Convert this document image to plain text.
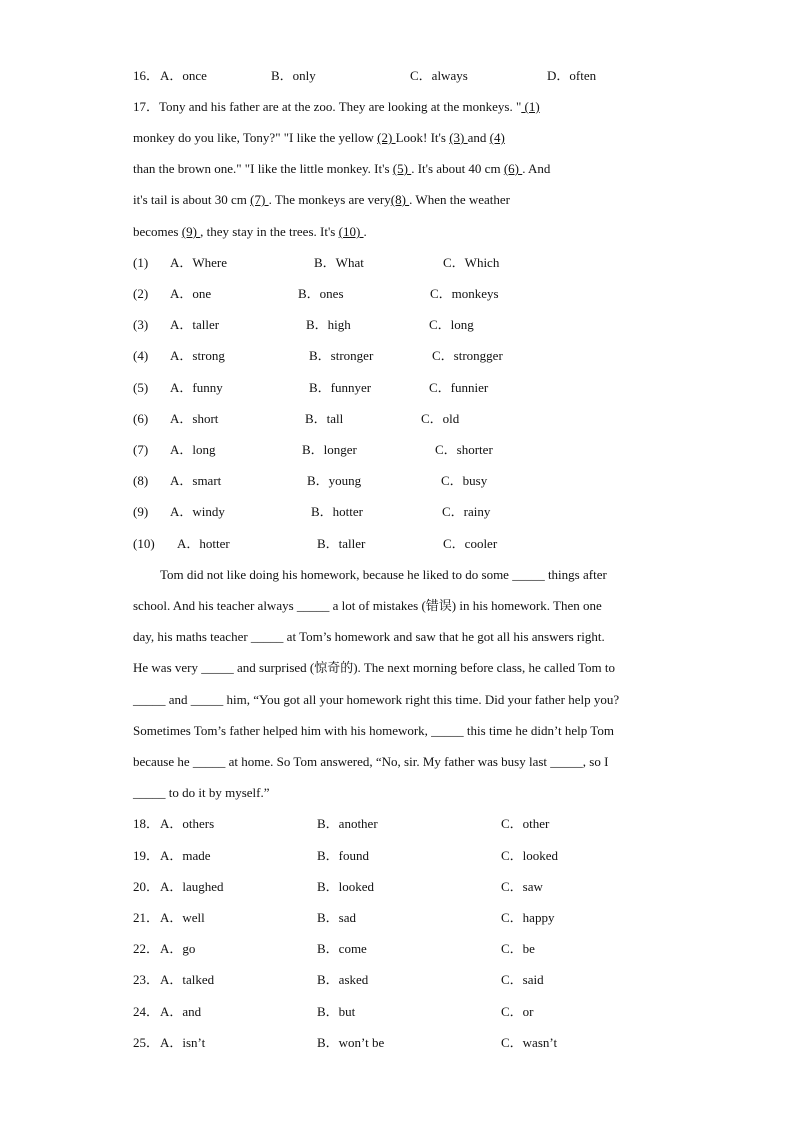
16． A．once	B．only	C．always	D．often
17．Tony and his father are at the zoo. They are looking at the monkeys. " (1)
monkey do you like, Tony?" "I like the yellow (2) Look! It's (3) and (4)
than the brown one." "I like the little monkey. It's (5) . It's about 40 cm (6) . And
it's tail is about 30 cm (7) . The monkeys are very(8) . When the weather
becomes (9) , they stay in the trees. It's (10) .
(1) A．Where	B．What	C．Which
(2) A．one	B．ones	C．monkeys
(3) A．taller	B．high	C．long
(4) A．strong	B．stronger	C．strongger
(5) A．funny	B．funnyer	C．funnier
(6) A．short	B．tall	C．old
(7) A．long	B．longer	C．shorter
(8) A．smart	B．young	C．busy
(9) A．windy	B．hotter	C．rainy
(10) A．hotter	B．taller	C．cooler
Tom did not like doing his homework, because he liked to do some _____ things after
school. And his teacher always _____ a lot of mistakes (错误) in his homework. Then one
day, his maths teacher _____ at Tom’s homework and saw that he got all his answers right.
He was very _____ and surprised (惊奇的). The next morning before class, he called Tom to
_____ and _____ him, “You got all your homework right this time. Did your father help you?
Sometimes Tom’s father helped him with his homework, _____ this time he didn’t help Tom
because he _____ at home. So Tom answered, “No, sir. My father was busy last _____, so I
_____ to do it by myself.”
18． A．others	B．another	C．other
19． A．made	B．found	C．looked
20． A．laughed	B．looked	C．saw
21． A．well	B．sad	C．happy
22． A．go	B．come	C．be
23． A．talked	B．asked	C．said
24． A．and	B．but	C．or
25． A．isn’t	B．won’t be	C．wasn’t
